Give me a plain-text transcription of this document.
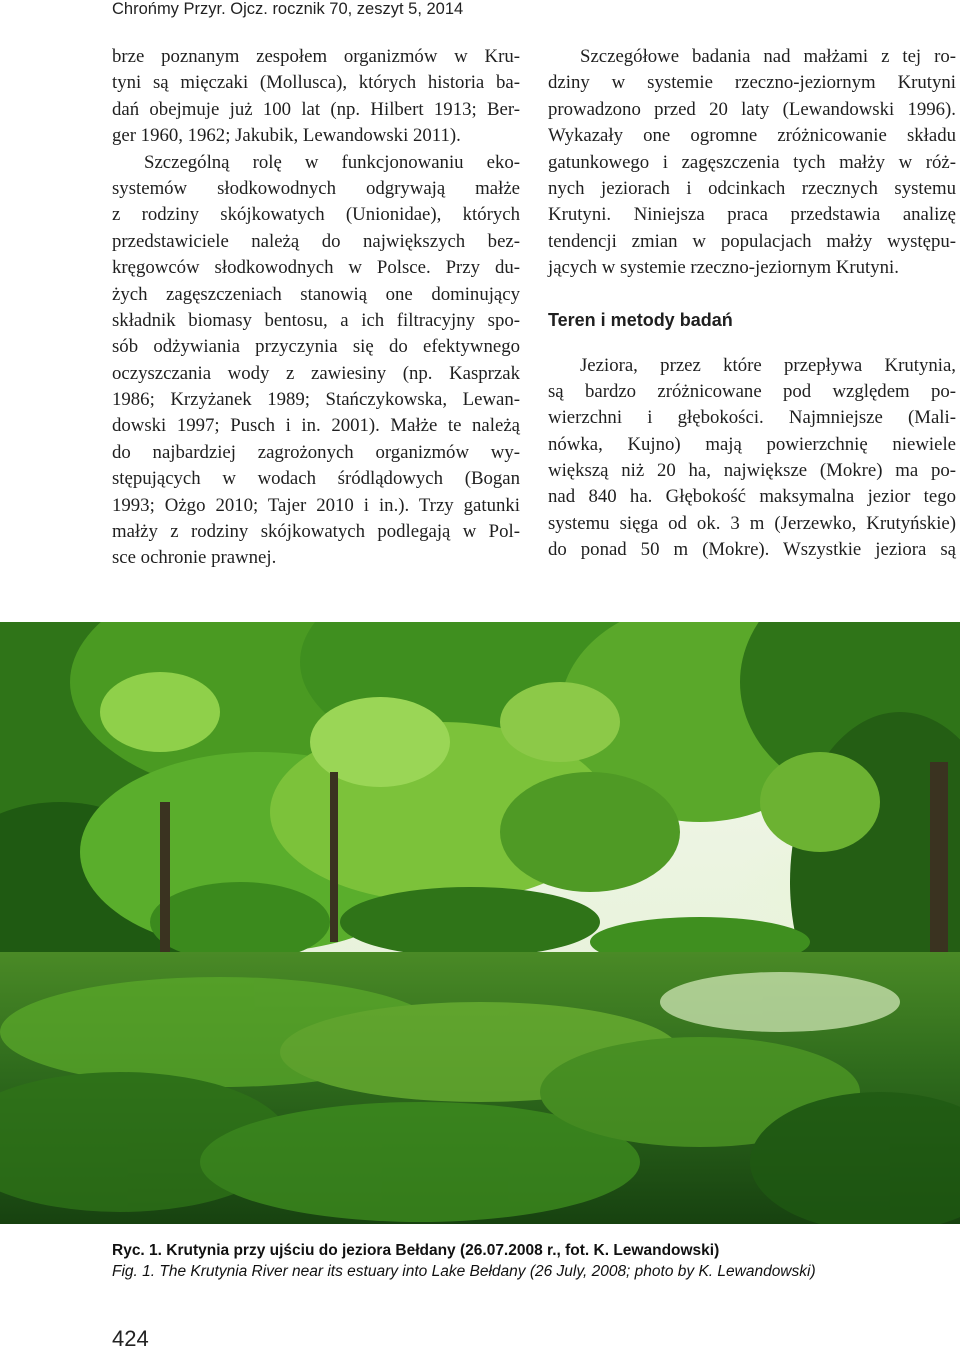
Chrońmy Przyr. Ojcz. rocznik 70, zeszyt 5, 2014
brze poznanym zespołem organizmów w Kru-
tyni są mięczaki (Mollusca), których historia ba-
dań obejmuje już 100 lat (np. Hilbert 1913; Ber-
ger 1960, 1962; Jakubik, Lewandowski 2011).
Szczególną rolę w funkcjonowaniu eko-
systemów słodkowodnych odgrywają małże
z rodziny skójkowatych (Unionidae), których
przedstawiciele należą do największych bez-
kręgowców słodkowodnych w Polsce. Przy du-
żych zagęszczeniach stanowią one dominujący
składnik biomasy bentosu, a ich filtracyjny spo-
sób odżywiania przyczynia się do efektywnego
oczyszczania wody z zawiesiny (np. Kasprzak
1986; Krzyżanek 1989; Stańczykowska, Lewan-
dowski 1997; Pusch i in. 2001). Małże te należą
do najbardziej zagrożonych organizmów wy-
stępujących w wodach śródlądowych (Bogan
1993; Ożgo 2010; Tajer 2010 i in.). Trzy gatunki
małży z rodziny skójkowatych podlegają w Pol-
sce ochronie prawnej.
Szczegółowe badania nad małżami z tej ro-
dziny w systemie rzeczno-jeziornym Krutyni
prowadzono przed 20 laty (Lewandowski 1996).
Wykazały one ogromne zróżnicowanie składu
gatunkowego i zagęszczenia tych małży w róż-
nych jeziorach i odcinkach rzecznych systemu
Krutyni. Niniejsza praca przedstawia analizę
tendencji zmian w populacjach małży występu-
jących w systemie rzeczno-jeziornym Krutyni.
Teren i metody badań
Jeziora, przez które przepływa Krutynia,
są bardzo zróżnicowane pod względem po-
wierzchni i głębokości. Najmniejsze (Mali-
nówka, Kujno) mają powierzchnię niewiele
większą niż 20 ha, największe (Mokre) ma po-
nad 840 ha. Głębokość maksymalna jezior tego
systemu sięga od ok. 3 m (Jerzewko, Krutyńskie)
do ponad 50 m (Mokre). Wszystkie jeziora są
Ryc. 1. Krutynia przy ujściu do jeziora Bełdany (26.07.2008 r., fot. K. Lewandowski)
Fig. 1. The Krutynia River near its estuary into Lake Bełdany (26 July, 2008; photo by K. Lewandowski)
424
